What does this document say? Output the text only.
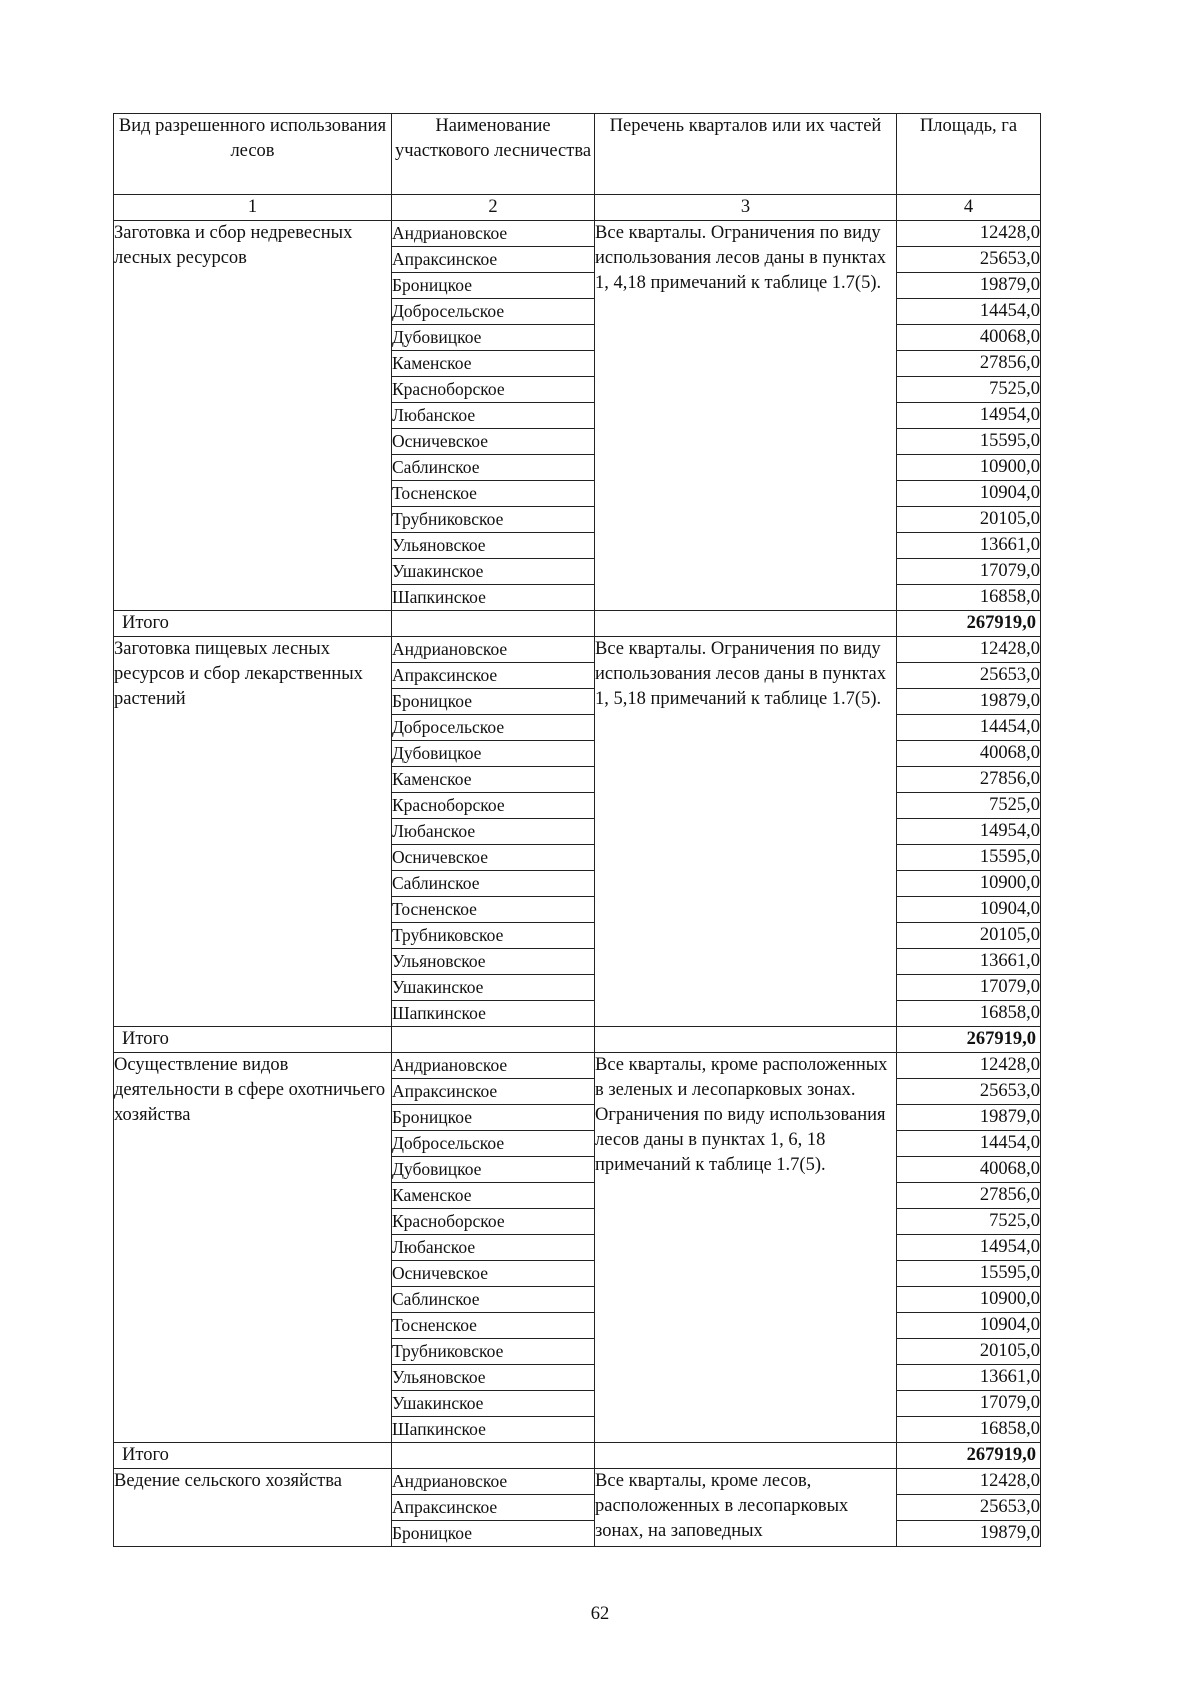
Вид разрешенного использования лесов	Наименование участкового лесничества	Перечень кварталов или их частей	Площадь, га
1	2	3	4
Заготовка и сбор недревесных лесных ресурсов	Андриановское	Все кварталы. Ограничения по виду использования лесов даны в пунктах 1, 4,18 примечаний к таблице 1.7(5).	12428,0
	Апраксинское		25653,0
	Броницкое		19879,0
	Добросельское		14454,0
	Дубовицкое		40068,0
	Каменское		27856,0
	Красноборское		7525,0
	Любанское		14954,0
	Осничевское		15595,0
	Саблинское		10900,0
	Тосненское		10904,0
	Трубниковское		20105,0
	Ульяновское		13661,0
	Ушакинское		17079,0
	Шапкинское		16858,0
Итого			267919,0
Заготовка пищевых лесных ресурсов и сбор лекарственных растений	Андриановское	Все кварталы. Ограничения по виду использования лесов даны в пунктах 1, 5,18 примечаний к таблице 1.7(5).	12428,0
	Апраксинское		25653,0
	Броницкое		19879,0
	Добросельское		14454,0
	Дубовицкое		40068,0
	Каменское		27856,0
	Красноборское		7525,0
	Любанское		14954,0
	Осничевское		15595,0
	Саблинское		10900,0
	Тосненское		10904,0
	Трубниковское		20105,0
	Ульяновское		13661,0
	Ушакинское		17079,0
	Шапкинское		16858,0
Итого			267919,0
Осуществление видов деятельности в сфере охотничьего хозяйства	Андриановское	Все кварталы, кроме расположенных в зеленых и лесопарковых зонах. Ограничения по виду использования лесов даны в пунктах 1, 6, 18 примечаний к таблице 1.7(5).	12428,0
	Апраксинское		25653,0
	Броницкое		19879,0
	Добросельское		14454,0
	Дубовицкое		40068,0
	Каменское		27856,0
	Красноборское		7525,0
	Любанское		14954,0
	Осничевское		15595,0
	Саблинское		10900,0
	Тосненское		10904,0
	Трубниковское		20105,0
	Ульяновское		13661,0
	Ушакинское		17079,0
	Шапкинское		16858,0
Итого			267919,0
Ведение сельского хозяйства	Андриановское	Все кварталы, кроме лесов, расположенных в лесопарковых зонах, на заповедных	12428,0
	Апраксинское		25653,0
	Броницкое		19879,0
62
